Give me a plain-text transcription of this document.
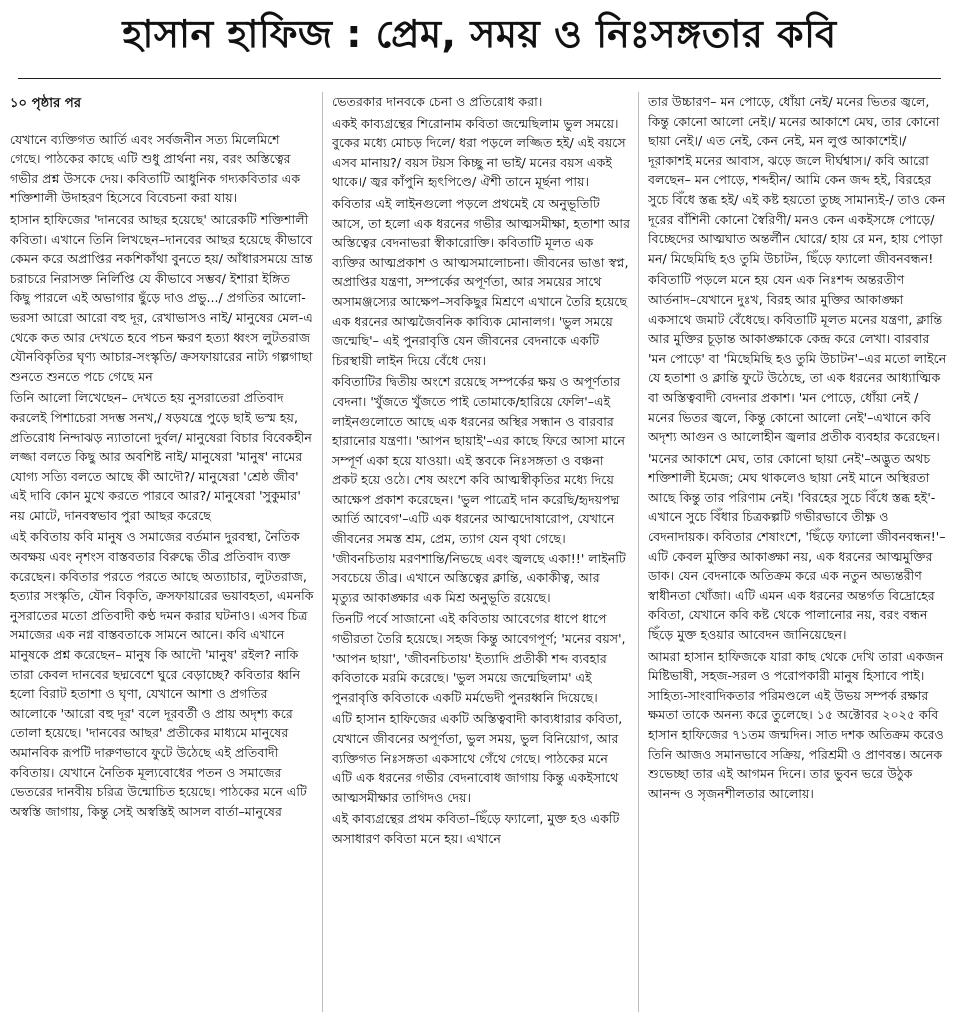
হাসান হাফিজ : প্রেম, সময় ও নিঃসঙ্গতার কবি
১০ পৃষ্ঠার পর

যেখানে ব্যক্তিগত আর্তি এবং সর্বজনীন সত্য মিলেমিশে গেছে। পাঠকের কাছে এটি শুধু প্রার্থনা নয়, বরং অস্তিত্বের গভীর প্রশ্ন উসকে দেয়। কবিতাটি আধুনিক গদ্যকবিতার এক শক্তিশালী উদাহরণ হিসেবে বিবেচনা করা যায়।

হাসান হাফিজের 'দানবের আছর হয়েছে' আরেকটি শক্তিশালী কবিতা। এখানে তিনি লিখছেন–দানবের আছর হয়েছে কীভাবে কেমন করে অপ্রাপ্তির নকশিকাঁথা বুনতে হয়/ আঁধারসময়ে ভ্রান্ত চরাচরে নিরাসক্ত নির্লিপ্তি যে কীভাবে সম্ভব/ ইশারা ইঙ্গিত কিছু পারলে এই অভাগার ছুঁড়ে দাও প্রভু.../ প্রগতির আলো-ভরসা আরো আরো বহু দূর, রেখাভাসও নাই/ মানুষের মেল-এ থেকে কত আর দেখতে হবে পচন ক্ষরণ হত্যা ধ্বংস লুটতরাজ যৌনবিকৃতির ঘৃণ্য আচার-সংস্কৃতি/ ক্রসফায়ারের নাট্য গল্পগাছা শুনতে শুনতে পচে গেছে মন

তিনি আলো লিখেছেন– দেখতে হয় নুসরাতেরা প্রতিবাদ করলেই পিশাচেরা সদম্ভ সনখ,/ ষড়যন্ত্রে পুড়ে ছাই ভস্ম হয়, প্রতিরোধ নিন্দাঝড় ন্যাতানো দুর্বল/ মানুষেরা বিচার বিবেকহীন লজ্জা বলতে কিছু আর অবশিষ্ট নাই/ মানুষেরা 'মানুষ' নামের যোগ্য সত্যি বলতে আছে কী আদৌ?/ মানুষেরা 'শ্রেষ্ঠ জীব' এই দাবি কোন মুখে করতে পারবে আর?/ মানুষেরা 'সুকুমার' নয় মোটে, দানবস্বভাব পুরা আছর করেছে

এই কবিতায় কবি মানুষ ও সমাজের বর্তমান দুরবস্থা, নৈতিক অবক্ষয় এবং নৃশংস বাস্তবতার বিরুদ্ধে তীব্র প্রতিবাদ ব্যক্ত করেছেন। কবিতার পরতে পরতে আছে অত্যাচার, লুটতরাজ, হত্যার সংস্কৃতি, যৌন বিকৃতি, ক্রসফায়ারের ভয়াবহতা, এমনকি নুসরাতের মতো প্রতিবাদী কণ্ঠ দমন করার ঘটনাও। এসব চিত্র সমাজের এক নগ্ন বাস্তবতাকে সামনে আনে। কবি এখানে মানুষকে প্রশ্ন করেছেন– মানুষ কি আদৌ 'মানুষ' রইল? নাকি তারা কেবল দানবের ছদ্মবেশে ঘুরে বেড়াচ্ছে? কবিতার ধ্বনি হলো বিরাট হতাশা ও ঘৃণা, যেখানে আশা ও প্রগতির আলোকে 'আরো বহু দূর' বলে দূরবর্তী ও প্রায় অদৃশ্য করে তোলা হয়েছে। 'দানবের আছর' প্রতীকের মাধ্যমে মানুষের অমানবিক রূপটি দারুণভাবে ফুটে উঠেছে এই প্রতিবাদী কবিতায়। যেখানে নৈতিক মূল্যবোধের পতন ও সমাজের ভেতরের দানবীয় চরিত্র উন্মোচিত হয়েছে। পাঠকের মনে এটি অস্বস্তি জাগায়, কিন্তু সেই অস্বস্তিই আসল বার্তা–মানুষের

ভেতরকার দানবকে চেনা ও প্রতিরোধ করা।

একই কাব্যগ্রন্থের শিরোনাম কবিতা জন্মেছিলাম ভুল সময়ে। বুকের মধ্যে মোচড় দিলে/ ধরা পড়লে লজ্জিত হই/ এই বয়সে এসব মানায়?/ বয়স টয়স কিচ্ছু না ভাই/ মনের বয়স একই থাকে।/ জ্বর কাঁপুনি হৃৎপিণ্ডে/ ঐশী তানে মূর্ছনা পায়।

কবিতার এই লাইনগুলো পড়লে প্রথমেই যে অনুভূতিটি আসে, তা হলো এক ধরনের গভীর আত্মসমীক্ষা, হতাশা আর অস্তিত্বের বেদনাভরা স্বীকারোক্তি। কবিতাটি মূলত এক ব্যক্তির আত্মপ্রকাশ ও আত্মসমালোচনা। জীবনের ভাঙা স্বপ্ন, অপ্রাপ্তির যন্ত্রণা, সম্পর্কের অপূর্ণতা, আর সময়ের সাথে অসামঞ্জস্যের আক্ষেপ–সবকিছুর মিশ্রণে এখানে তৈরি হয়েছে এক ধরনের আত্মজৈবনিক কাব্যিক মোনালগ। 'ভুল সময়ে জন্মেছি'– এই পুনরাবৃত্তি যেন জীবনের বেদনাকে একটি চিরস্থায়ী লাইন দিয়ে বেঁধে দেয়।

কবিতাটির দ্বিতীয় অংশে রয়েছে সম্পর্কের ক্ষয় ও অপূর্ণতার বেদনা। 'খুঁজতে খুঁজতে পাই তোমাকে/হারিয়ে ফেলি'–এই লাইনগুলোতে আছে এক ধরনের অস্থির সন্ধান ও বারবার হারানোর যন্ত্রণা। 'আপন ছায়াই'–এর কাছে ফিরে আসা মানে সম্পূর্ণ একা হয়ে যাওয়া। এই স্তবকে নিঃসঙ্গতা ও বঞ্চনা প্রকট হয়ে ওঠে। শেষ অংশে কবি আত্মস্বীকৃতির মধ্যে দিয়ে আক্ষেপ প্রকাশ করেছেন। 'ভুল পাত্রেই দান করেছি/হৃদয়পদ্ম আর্তি আবেগ'–এটি এক ধরনের আত্মদোষারোপ, যেখানে জীবনের সমস্ত শ্রম, প্রেম, ত্যাগ যেন বৃথা গেছে। 'জীবনচিতায় মরণশান্তি/নিভছে এবং জ্বলছে একা!!' লাইনটি সবচেয়ে তীব্র। এখানে অস্তিত্বের ক্লান্তি, একাকীত্ব, আর মৃত্যুর আকাঙ্ক্ষার এক মিশ্র অনুভূতি রয়েছে।

তিনটি পর্বে সাজানো এই কবিতায় আবেগের ধাপে ধাপে গভীরতা তৈরি হয়েছে। সহজ কিন্তু আবেগপূর্ণ; 'মনের বয়স', 'আপন ছায়া', 'জীবনচিতায়' ইত্যাদি প্রতীকী শব্দ ব্যবহার কবিতাকে মরমি করেছে। 'ভুল সময়ে জন্মেছিলাম' এই পুনরাবৃত্তি কবিতাকে একটি মর্মভেদী পুনরধ্বনি দিয়েছে।

এটি হাসান হাফিজের একটি অস্তিত্ববাদী কাব্যধারার কবিতা, যেখানে জীবনের অপূর্ণতা, ভুল সময়, ভুল বিনিয়োগ, আর ব্যক্তিগত নিঃসঙ্গতা একসাথে গেঁথে গেছে। পাঠকের মনে এটি এক ধরনের গভীর বেদনাবোধ জাগায় কিন্তু একইসাথে আত্মসমীক্ষার তাগিদও দেয়।

এই কাব্যগ্রন্থের প্রথম কবিতা–ছিঁড়ে ফ্যালো, মুক্ত হও একটি অসাধারণ কবিতা মনে হয়। এখানে

তার উচ্চারণ– মন পোড়ে, ধোঁয়া নেই/ মনের ভিতর জ্বলে, কিন্তু কোনো আলো নেই।/ মনের আকাশে মেঘ, তার কোনো ছায়া নেই।/ এত নেই, কেন নেই, মন লুপ্ত আকাশেই।/ দূরাকাশই মনের আবাস, ঝড়ে জলে দীর্ঘশ্বাস।/ কবি আরো বলছেন– মন পোড়ে, শব্দহীন/ আমি কেন জব্দ হই, বিরহের সুচে বিঁধে স্তব্ধ হই/ এই কষ্ট হয়তো তুচ্ছ সামান্যই-/ তাও কেন দূরের বাঁশিনী কোনো স্বৈরিণী/ মনও কেন একইসঙ্গে পোড়ে/ বিচ্ছেদের আত্মঘাত অন্তর্লীন ঘোরে/ হায় রে মন, হায় পোড়া মন/ মিছেমিছি হও তুমি উচাটন, ছিঁড়ে ফ্যালো জীবনবন্ধন!

কবিতাটি পড়লে মনে হয় যেন এক নিঃশব্দ অন্তরতীণ আর্তনাদ–যেখানে দুঃখ, বিরহ আর মুক্তির আকাঙ্ক্ষা একসাথে জমাট বেঁধেছে। কবিতাটি মূলত মনের যন্ত্রণা, ক্লান্তি আর মুক্তির চূড়ান্ত আকাঙ্ক্ষাকে কেন্দ্র করে লেখা। বারবার 'মন পোড়ে' বা 'মিছেমিছি হও তুমি উচাটন'–এর মতো লাইনে যে হতাশা ও ক্লান্তি ফুটে উঠেছে, তা এক ধরনের আধ্যাত্মিক বা অস্তিত্ববাদী বেদনার প্রকাশ। 'মন পোড়ে, ধোঁয়া নেই / মনের ভিতর জ্বলে, কিন্তু কোনো আলো নেই'–এখানে কবি অদৃশ্য আগুন ও আলোহীন জ্বলার প্রতীক ব্যবহার করেছেন।

'মনের আকাশে মেঘ, তার কোনো ছায়া নেই'–অদ্ভুত অথচ শক্তিশালী ইমেজ; মেঘ থাকলেও ছায়া নেই মানে অস্থিরতা আছে কিন্তু তার পরিণাম নেই। 'বিরহের সুচে বিঁধে স্তব্ধ হই'-এখানে সুচে বিঁধার চিত্রকল্পটি গভীরভাবে তীক্ষ্ণ ও বেদনাদায়ক। কবিতার শেষাংশে, 'ছিঁড়ে ফ্যালো জীবনবন্ধন!'–এটি কেবল মুক্তির আকাঙ্ক্ষা নয়, এক ধরনের আত্মমুক্তির ডাক। যেন বেদনাকে অতিক্রম করে এক নতুন অভ্যন্তরীণ স্বাধীনতা খোঁজা। এটি এমন এক ধরনের অন্তর্গত বিদ্রোহের কবিতা, যেখানে কবি কষ্ট থেকে পালানোর নয়, বরং বন্ধন ছিঁড়ে মুক্ত হওয়ার আবেদন জানিয়েছেন।

আমরা হাসান হাফিজকে যারা কাছ থেকে দেখি তারা একজন মিষ্টিভাষী, সহজ-সরল ও পরোপকারী মানুষ হিসাবে পাই। সাহিত্য-সাংবাদিকতার পরিমণ্ডলে এই উভয় সম্পর্ক রক্ষার ক্ষমতা তাকে অনন্য করে তুলেছে। ১৫ অক্টোবর ২০২৫ কবি হাসান হাফিজের ৭১তম জন্মদিন। সাত দশক অতিক্রম করেও তিনি আজও সমানভাবে সক্রিয়, পরিশ্রমী ও প্রাণবন্ত। অনেক শুভেচ্ছা তার এই আগমন দিনে। তার ভুবন ভরে উঠুক আনন্দ ও সৃজনশীলতার আলোয়।
